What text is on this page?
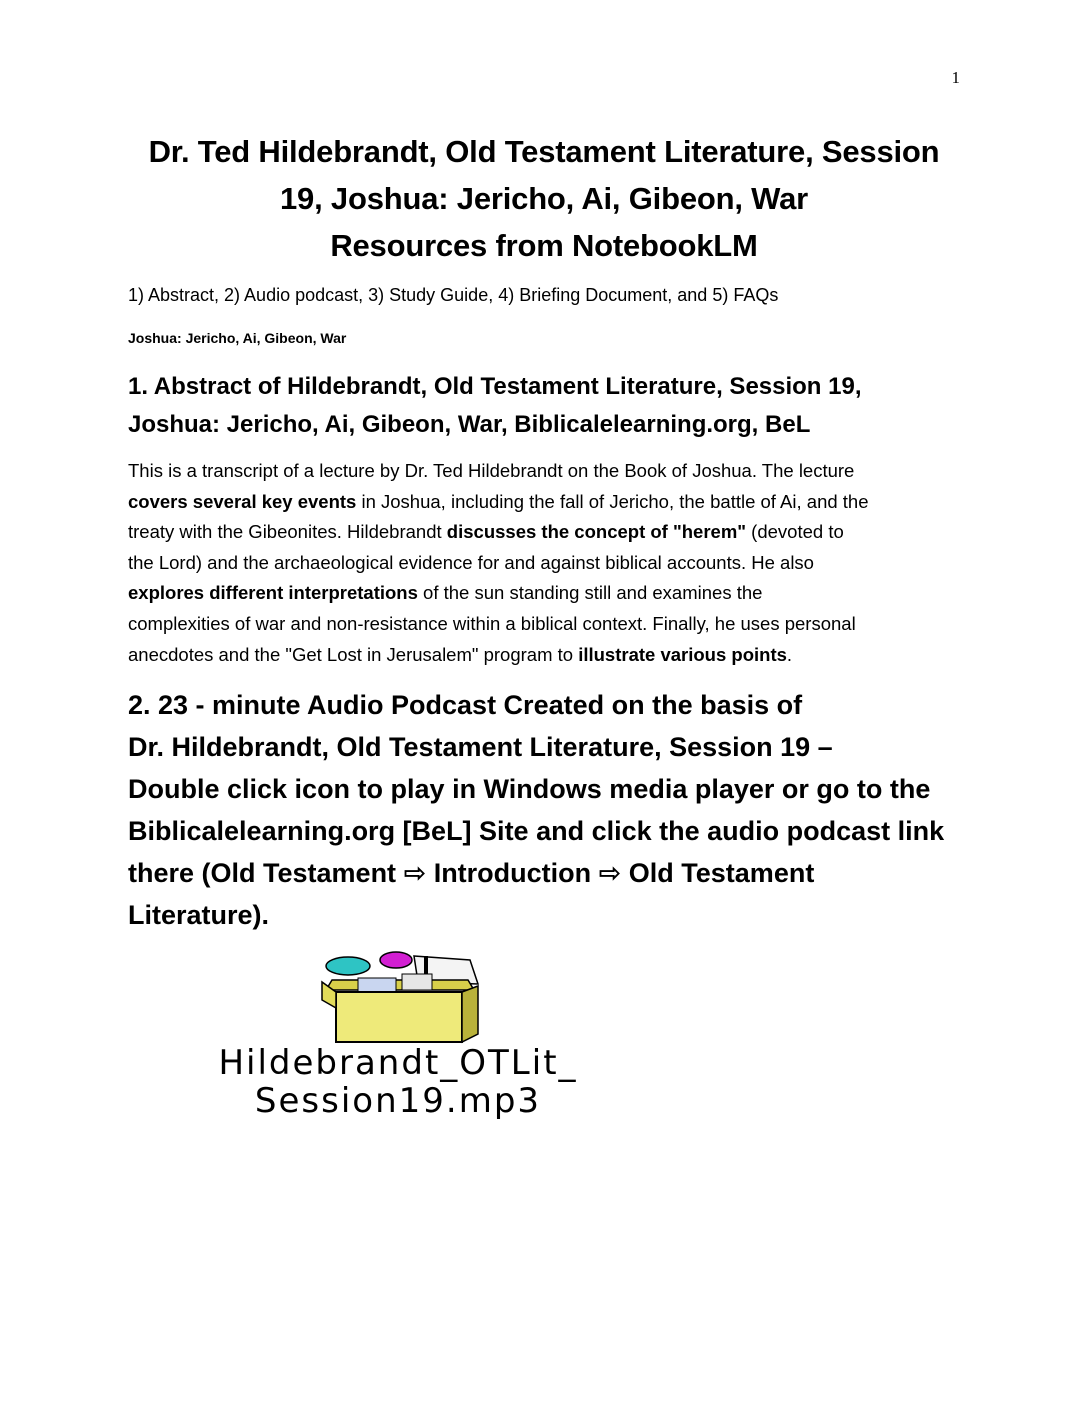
1
Dr. Ted Hildebrandt, Old Testament Literature, Session
19, Joshua: Jericho, Ai, Gibeon, War
Resources from NotebookLM
1) Abstract, 2) Audio podcast, 3) Study Guide, 4) Briefing Document, and 5) FAQs
Joshua: Jericho, Ai, Gibeon, War
1. Abstract of Hildebrandt, Old Testament Literature, Session 19,
Joshua: Jericho, Ai, Gibeon, War, Biblicalelearning.org, BeL
This is a transcript of a lecture by Dr. Ted Hildebrandt on the Book of Joshua. The lecture
covers several key events in Joshua, including the fall of Jericho, the battle of Ai, and the
treaty with the Gibeonites. Hildebrandt discusses the concept of "herem" (devoted to
the Lord) and the archaeological evidence for and against biblical accounts. He also
explores different interpretations of the sun standing still and examines the
complexities of war and non-resistance within a biblical context. Finally, he uses personal
anecdotes and the "Get Lost in Jerusalem" program to illustrate various points.
2. 23 - minute Audio Podcast Created on the basis of
Dr. Hildebrandt, Old Testament Literature, Session 19 –
Double click icon to play in Windows media player or go to the
Biblicalelearning.org [BeL] Site and click the audio podcast link
there (Old Testament ⇨ Introduction ⇨ Old Testament
Literature).
Hildebrandt_OTLit_
Session19.mp3
